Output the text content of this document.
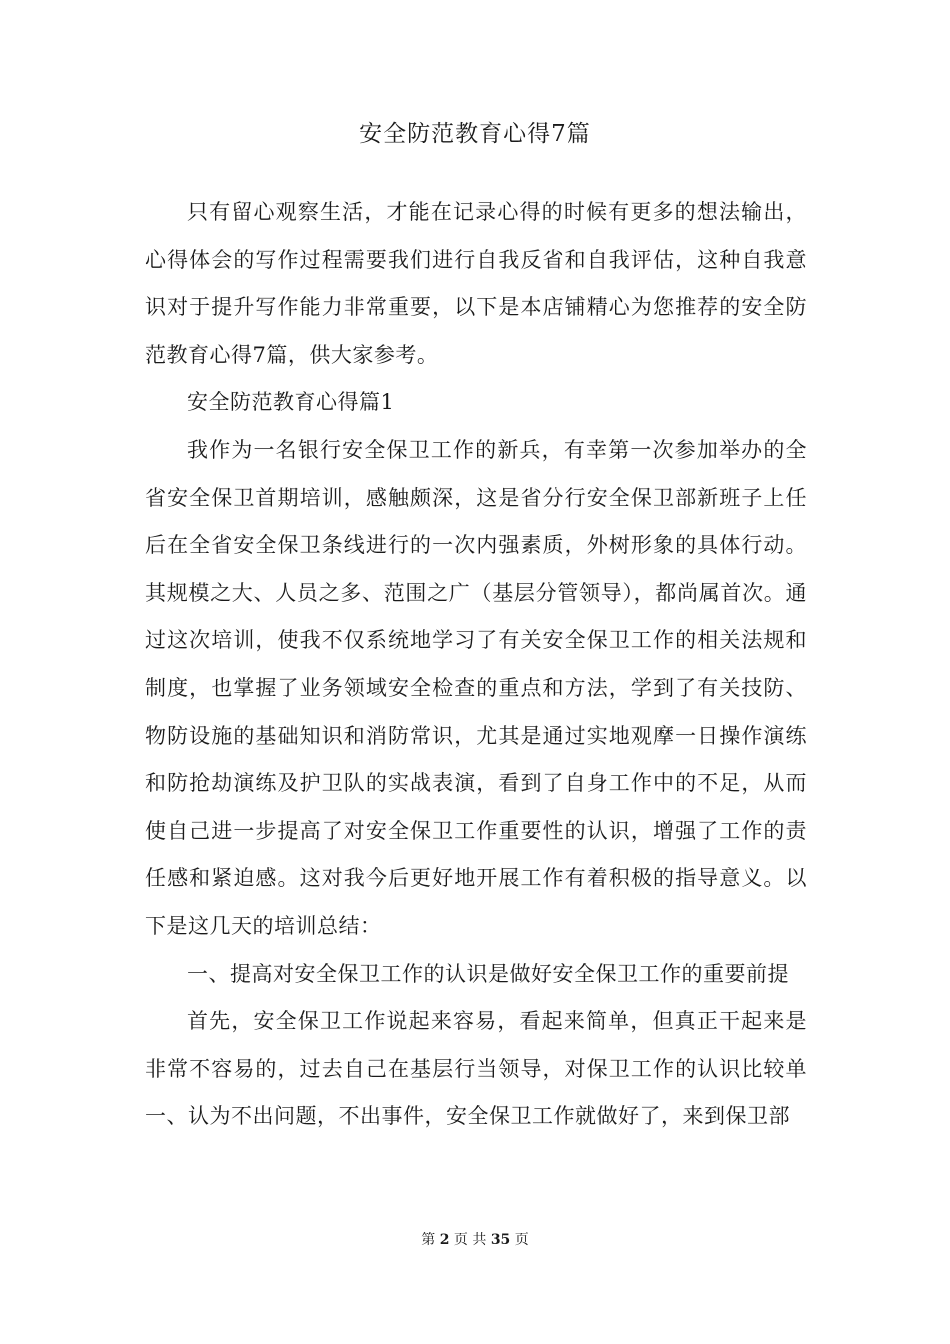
安全防范教育心得7篇

只有留心观察生活，才能在记录心得的时候有更多的想法输出，心得体会的写作过程需要我们进行自我反省和自我评估，这种自我意识对于提升写作能力非常重要，以下是本店铺精心为您推荐的安全防范教育心得7篇，供大家参考。

安全防范教育心得篇1

我作为一名银行安全保卫工作的新兵，有幸第一次参加举办的全省安全保卫首期培训，感触颇深，这是省分行安全保卫部新班子上任后在全省安全保卫条线进行的一次内强素质，外树形象的具体行动。其规模之大、人员之多、范围之广（基层分管领导），都尚属首次。通过这次培训，使我不仅系统地学习了有关安全保卫工作的相关法规和制度，也掌握了业务领域安全检查的重点和方法，学到了有关技防、物防设施的基础知识和消防常识，尤其是通过实地观摩一日操作演练和防抢劫演练及护卫队的实战表演，看到了自身工作中的不足，从而使自己进一步提高了对安全保卫工作重要性的认识，增强了工作的责任感和紧迫感。这对我今后更好地开展工作有着积极的指导意义。以下是这几天的培训总结：

一、提高对安全保卫工作的认识是做好安全保卫工作的重要前提

首先，安全保卫工作说起来容易，看起来简单，但真正干起来是非常不容易的，过去自己在基层行当领导，对保卫工作的认识比较单一、认为不出问题，不出事件，安全保卫工作就做好了，来到保卫部

第 2 页 共 35 页
